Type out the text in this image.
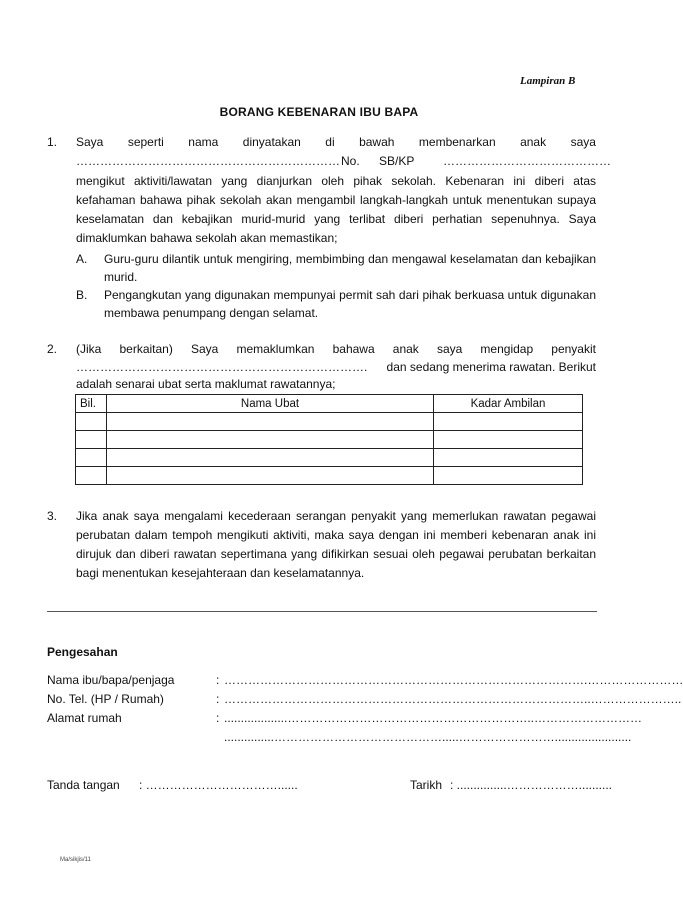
Lampiran B
BORANG KEBENARAN IBU BAPA
1. Saya seperti nama dinyatakan di bawah membenarkan anak saya
………………………………………………………… No. SB/KP ……………………………………
mengikut aktiviti/lawatan yang dianjurkan oleh pihak sekolah. Kebenaran ini diberi atas kefahaman bahawa pihak sekolah akan mengambil langkah-langkah untuk menentukan supaya keselamatan dan kebajikan murid-murid yang terlibat diberi perhatian sepenuhnya. Saya dimaklumkan bahawa sekolah akan memastikan;
A. Guru-guru dilantik untuk mengiring, membimbing dan mengawal keselamatan dan kebajikan murid.
B. Pengangkutan yang digunakan mempunyai permit sah dari pihak berkuasa untuk digunakan membawa penumpang dengan selamat.
2. (Jika berkaitan) Saya memaklumkan bahawa anak saya mengidap penyakit
……………………………………………………………….	dan sedang menerima rawatan. Berikut
adalah senarai ubat serta maklumat rawatannya;
Bil.	Nama Ubat	Kadar Ambilan

3. Jika anak saya mengalami kecederaan serangan penyakit yang memerlukan rawatan pegawai perubatan dalam tempoh mengikuti aktiviti, maka saya dengan ini memberi kebenaran anak ini dirujuk dan diberi rawatan sepertimana yang difikirkan sesuai oleh pegawai perubatan berkaitan bagi menentukan kesejahteraan dan keselamatannya.
Pengesahan
Nama ibu/bapa/penjaga	: ……………………………………………………………………………….……………………
No. Tel. (HP / Rumah)	: ………………………………………………………………………………..…………………..
Alamat rumah	: ...................……………………………………………………..………………………
...............…………………………………….....…………………….......................
Tanda tangan : ……………………………......	Tarikh : ...............………………..........
Ma/sikjis/11
